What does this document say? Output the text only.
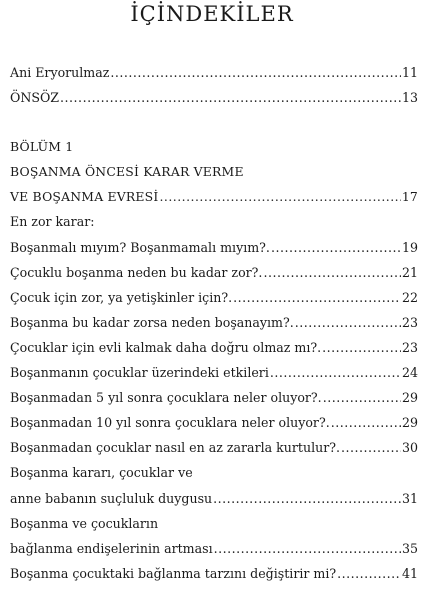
İÇİNDEKİLER
Ani Eryorulmaz .....	11
ÖNSÖZ .....	13
BÖLÜM 1
BOŞANMA ÖNCESİ KARAR VERME
VE BOŞANMA EVRESİ .....	17
En zor karar:
Boşanmalı mıyım? Boşanmamalı mıyım?. .....	19
Çocuklu boşanma neden bu kadar zor?. .....	21
Çocuk için zor, ya yetişkinler için?. .....	22
Boşanma bu kadar zorsa neden boşanayım?. .....	23
Çocuklar için evli kalmak daha doğru olmaz mı?. .....	23
Boşanmanın çocuklar üzerindeki etkileri .....	24
Boşanmadan 5 yıl sonra çocuklara neler oluyor?. .....	29
Boşanmadan 10 yıl sonra çocuklara neler oluyor?. .....	29
Boşanmadan çocuklar nasıl en az zararla kurtulur?. .....	30
Boşanma kararı, çocuklar ve
anne babanın suçluluk duygusu .....	31
Boşanma ve çocukların
bağlanma endişelerinin artması .....	35
Boşanma çocuktaki bağlanma tarzını değiştirir mi? .....	41
